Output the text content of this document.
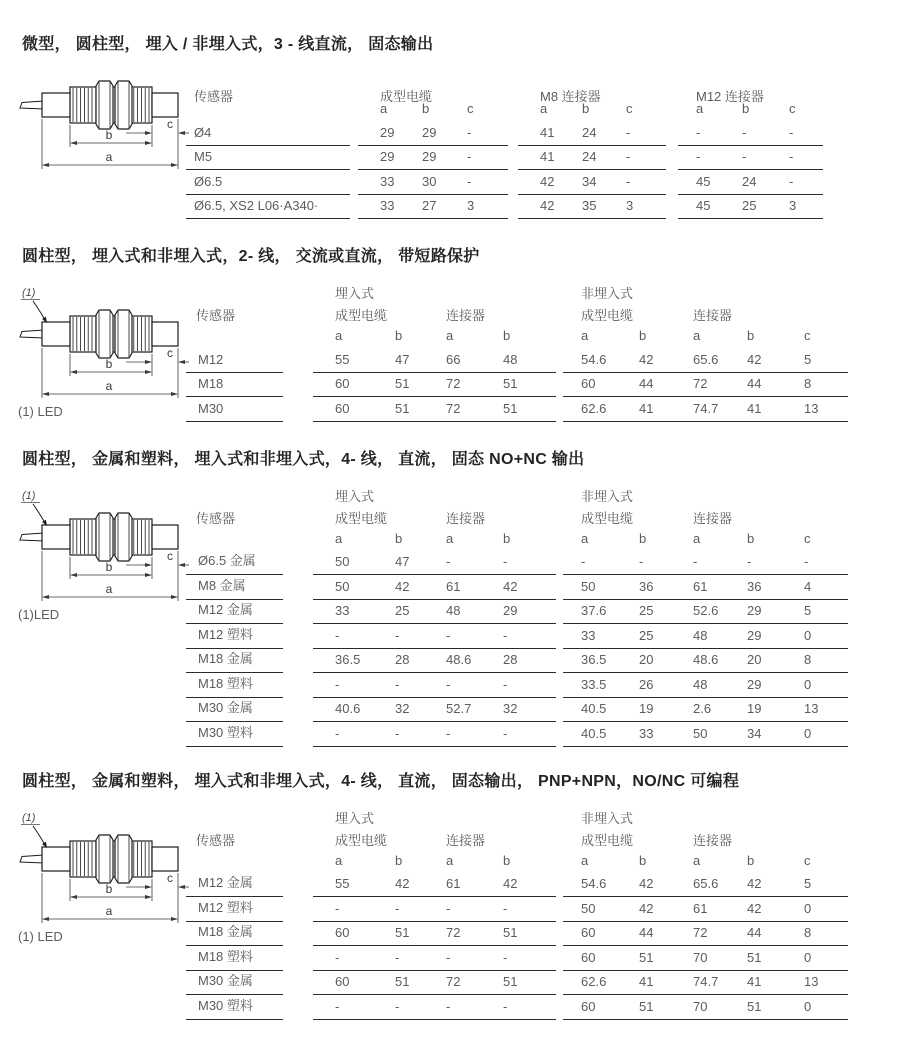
微型， 圆柱型， 埋入 / 非埋入式，3 - 线直流， 固态输出
b
a
c
传感器	成型电缆	M8 连接器	M12 连接器
a	b	c	a	b	c	a	b	c
Ø4	29	29	-	41	24	-	-	-	-
M5	29	29	-	41	24	-	-	-	-
Ø6.5	33	30	-	42	34	-	45	24	-
Ø6.5, XS2 L06·A340·	33	27	3	42	35	3	45	25	3
圆柱型， 埋入式和非埋入式，2- 线， 交流或直流， 带短路保护
b
a
c
(1)
(1) LED
埋入式	非埋入式
传感器	成型电缆	连接器	成型电缆	连接器
a	b	a	b	a	b	a	b	c
M12	55	47	66	48	54.6	42	65.6	42	5
M18	60	51	72	51	60	44	72	44	8
M30	60	51	72	51	62.6	41	74.7	41	13
圆柱型， 金属和塑料， 埋入式和非埋入式，4- 线， 直流， 固态 NO+NC 输出
b
a
c
(1)
(1)LED
埋入式	非埋入式
传感器	成型电缆	连接器	成型电缆	连接器
a	b	a	b	a	b	a	b	c
Ø6.5 金属	50	47	-	-	-	-	-	-	-
M8 金属	50	42	61	42	50	36	61	36	4
M12 金属	33	25	48	29	37.6	25	52.6	29	5
M12 塑料	-	-	-	-	33	25	48	29	0
M18 金属	36.5	28	48.6	28	36.5	20	48.6	20	8
M18 塑料	-	-	-	-	33.5	26	48	29	0
M30 金属	40.6	32	52.7	32	40.5	19	2.6	19	13
M30 塑料	-	-	-	-	40.5	33	50	34	0
圆柱型， 金属和塑料， 埋入式和非埋入式，4- 线， 直流， 固态输出， PNP+NPN，NO/NC 可编程
b
a
c
(1)
(1) LED
埋入式	非埋入式
传感器	成型电缆	连接器	成型电缆	连接器
a	b	a	b	a	b	a	b	c
M12 金属	55	42	61	42	54.6	42	65.6	42	5
M12 塑料	-	-	-	-	50	42	61	42	0
M18 金属	60	51	72	51	60	44	72	44	8
M18 塑料	-	-	-	-	60	51	70	51	0
M30 金属	60	51	72	51	62.6	41	74.7	41	13
M30 塑料	-	-	-	-	60	51	70	51	0
